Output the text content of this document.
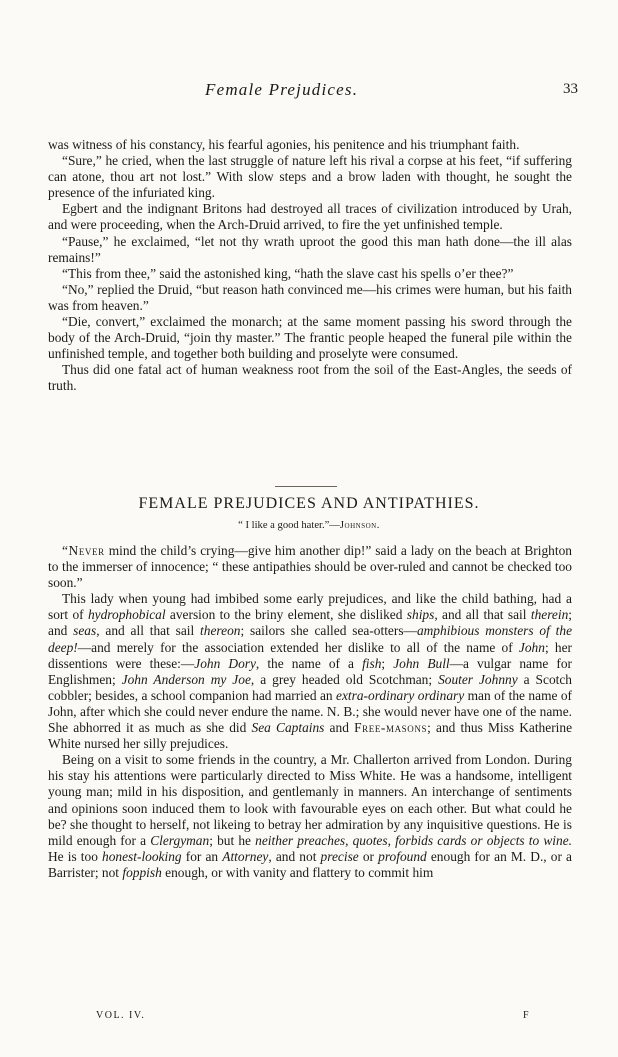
Female Prejudices.	33

was witness of his constancy, his fearful agonies, his penitence and his triumphant faith.

“Sure,” he cried, when the last struggle of nature left his rival a corpse at his feet, “if suffering can atone, thou art not lost.” With slow steps and a brow laden with thought, he sought the presence of the infuriated king.

Egbert and the indignant Britons had destroyed all traces of civilization introduced by Urah, and were proceeding, when the Arch-Druid arrived, to fire the yet unfinished temple.

“Pause,” he exclaimed, “let not thy wrath uproot the good this man hath done—the ill alas remains!”

“This from thee,” said the astonished king, “hath the slave cast his spells o’er thee?”

“No,” replied the Druid, “but reason hath convinced me—his crimes were human, but his faith was from heaven.”

“Die, convert,” exclaimed the monarch; at the same moment passing his sword through the body of the Arch-Druid, “join thy master.” The frantic people heaped the funeral pile within the unfinished temple, and together both building and proselyte were consumed.

Thus did one fatal act of human weakness root from the soil of the East-Angles, the seeds of truth.

FEMALE PREJUDICES AND ANTIPATHIES.
“ I like a good hater.”—Johnson.

“Never mind the child’s crying—give him another dip!” said a lady on the beach at Brighton to the immerser of innocence; “ these antipathies should be over-ruled and cannot be checked too soon.”

This lady when young had imbibed some early prejudices, and like the child bathing, had a sort of hydrophobical aversion to the briny element, she disliked ships, and all that sail therein; and seas, and all that sail thereon; sailors she called sea-otters—amphibious monsters of the deep!—and merely for the association extended her dislike to all of the name of John; her dissentions were these:—John Dory, the name of a fish; John Bull—a vulgar name for Englishmen; John Anderson my Joe, a grey headed old Scotchman; Souter Johnny a Scotch cobbler; besides, a school companion had married an extra-ordinary ordinary man of the name of John, after which she could never endure the name. N. B.; she would never have one of the name. She abhorred it as much as she did Sea Captains and Free-masons; and thus Miss Katherine White nursed her silly prejudices.

Being on a visit to some friends in the country, a Mr. Challerton arrived from London. During his stay his attentions were particularly directed to Miss White. He was a handsome, intelligent young man; mild in his disposition, and gentlemanly in manners. An interchange of sentiments and opinions soon induced them to look with favourable eyes on each other. But what could he be? she thought to herself, not likeing to betray her admiration by any inquisitive questions. He is mild enough for a Clergyman; but he neither preaches, quotes, forbids cards or objects to wine. He is too honest-looking for an Attorney, and not precise or profound enough for an M. D., or a Barrister; not foppish enough, or with vanity and flattery to commit him

VOL. IV.	F
